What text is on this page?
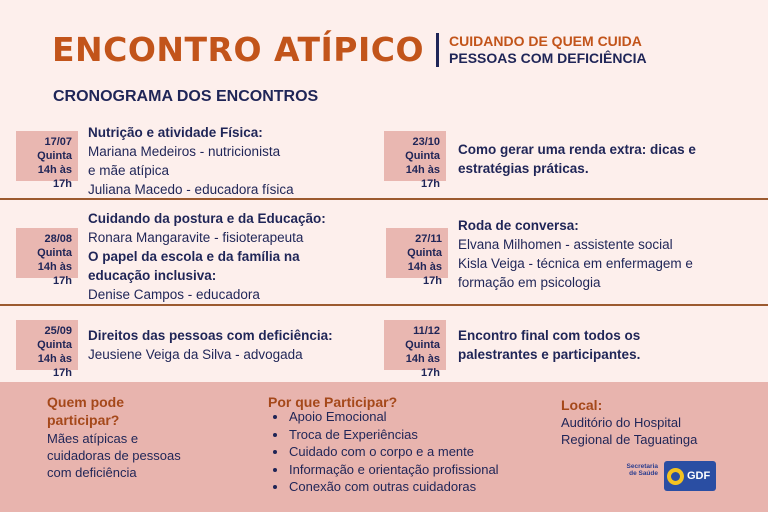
ENCONTRO ATÍPICO CUIDANDO DE QUEM CUIDA
PESSOAS COM DEFICIÊNCIA
CRONOGRAMA DOS ENCONTROS
17/07
Quinta
14h às 17h
Nutrição e atividade Física:
Mariana Medeiros - nutricionista
e mãe atípica
Juliana Macedo - educadora física
23/10
Quinta
14h às 17h
Como gerar uma renda extra: dicas e
estratégias práticas.
28/08
Quinta
14h às 17h
Cuidando da postura e da Educação:
Ronara Mangaravite - fisioterapeuta
O papel da escola e da família na
educação inclusiva:
Denise Campos - educadora
27/11
Quinta
14h às 17h
Roda de conversa:
Elvana Milhomen - assistente social
Kisla Veiga - técnica em enfermagem e
formação em psicologia
25/09
Quinta
14h às 17h
Direitos das pessoas com deficiência:
Jeusiene Veiga da Silva - advogada
11/12
Quinta
14h às 17h
Encontro final com todos os
palestrantes e participantes.
Quem pode
participar?
Mães atípicas e
cuidadoras de pessoas
com deficiência
Por que Participar?
Apoio Emocional
Troca de Experiências
Cuidado com o corpo e a mente
Informação e orientação profissional
Conexão com outras cuidadoras
Local:
Auditório do Hospital
Regional de Taguatinga
Secretaria
de Saúde	GDF
